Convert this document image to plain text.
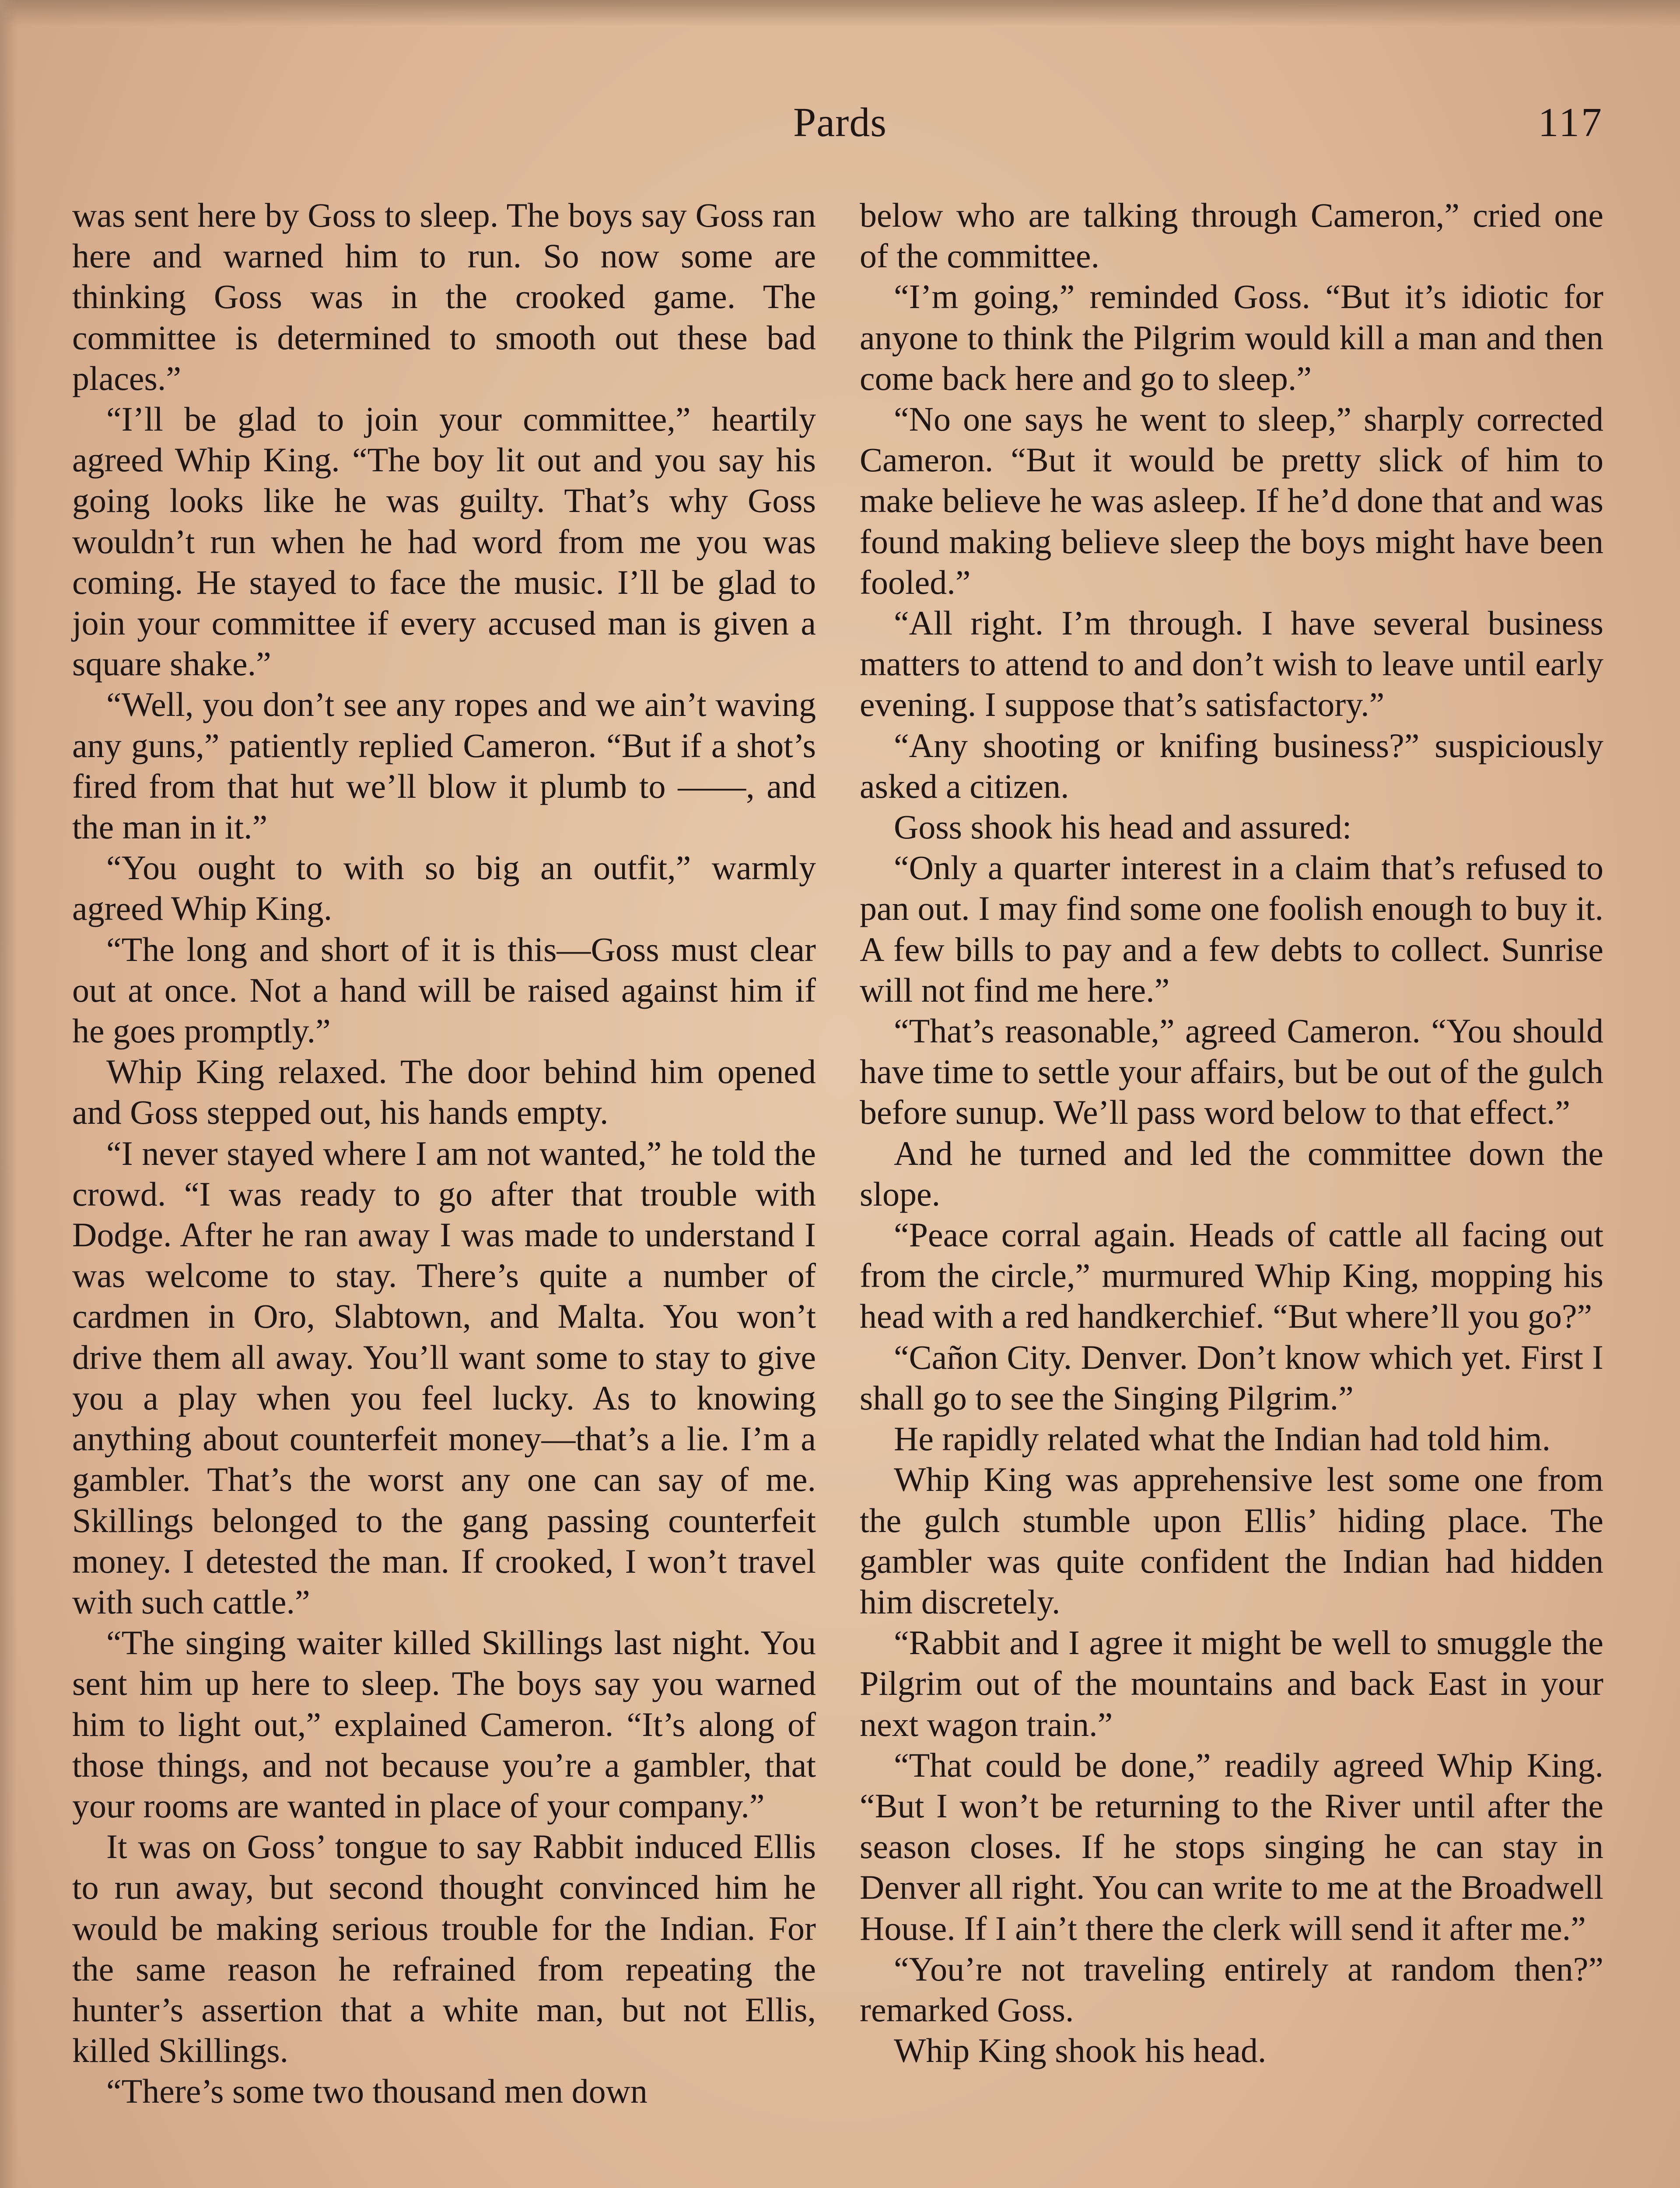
Pards	117

was sent here by Goss to sleep. The boys say Goss ran here and warned him to run. So now some are thinking Goss was in the crooked game. The committee is determined to smooth out these bad places.”

“I’ll be glad to join your committee,” heartily agreed Whip King. “The boy lit out and you say his going looks like he was guilty. That’s why Goss wouldn’t run when he had word from me you was coming. He stayed to face the music. I’ll be glad to join your committee if every accused man is given a square shake.”

“Well, you don’t see any ropes and we ain’t waving any guns,” patiently replied Cameron. “But if a shot’s fired from that hut we’ll blow it plumb to ——, and the man in it.”

“You ought to with so big an outfit,” warmly agreed Whip King.

“The long and short of it is this—Goss must clear out at once. Not a hand will be raised against him if he goes promptly.”

Whip King relaxed. The door behind him opened and Goss stepped out, his hands empty.

“I never stayed where I am not wanted,” he told the crowd. “I was ready to go after that trouble with Dodge. After he ran away I was made to understand I was welcome to stay. There’s quite a number of cardmen in Oro, Slabtown, and Malta. You won’t drive them all away. You’ll want some to stay to give you a play when you feel lucky. As to knowing anything about counterfeit money—that’s a lie. I’m a gambler. That’s the worst any one can say of me. Skillings belonged to the gang passing counterfeit money. I detested the man. If crooked, I won’t travel with such cattle.”

“The singing waiter killed Skillings last night. You sent him up here to sleep. The boys say you warned him to light out,” explained Cameron. “It’s along of those things, and not because you’re a gambler, that your rooms are wanted in place of your company.”

It was on Goss’ tongue to say Rabbit induced Ellis to run away, but second thought convinced him he would be making serious trouble for the Indian. For the same reason he refrained from repeating the hunter’s assertion that a white man, but not Ellis, killed Skillings.

“There’s some two thousand men down

below who are talking through Cameron,” cried one of the committee.

“I’m going,” reminded Goss. “But it’s idiotic for anyone to think the Pilgrim would kill a man and then come back here and go to sleep.”

“No one says he went to sleep,” sharply corrected Cameron. “But it would be pretty slick of him to make believe he was asleep. If he’d done that and was found making believe sleep the boys might have been fooled.”

“All right. I’m through. I have several business matters to attend to and don’t wish to leave until early evening. I suppose that’s satisfactory.”

“Any shooting or knifing business?” suspiciously asked a citizen.

Goss shook his head and assured:

“Only a quarter interest in a claim that’s refused to pan out. I may find some one foolish enough to buy it. A few bills to pay and a few debts to collect. Sunrise will not find me here.”

“That’s reasonable,” agreed Cameron. “You should have time to settle your affairs, but be out of the gulch before sunup. We’ll pass word below to that effect.”

And he turned and led the committee down the slope.

“Peace corral again. Heads of cattle all facing out from the circle,” murmured Whip King, mopping his head with a red handkerchief. “But where’ll you go?”

“Cañon City. Denver. Don’t know which yet. First I shall go to see the Singing Pilgrim.”

He rapidly related what the Indian had told him.

Whip King was apprehensive lest some one from the gulch stumble upon Ellis’ hiding place. The gambler was quite confident the Indian had hidden him discretely.

“Rabbit and I agree it might be well to smuggle the Pilgrim out of the mountains and back East in your next wagon train.”

“That could be done,” readily agreed Whip King. “But I won’t be returning to the River until after the season closes. If he stops singing he can stay in Denver all right. You can write to me at the Broadwell House. If I ain’t there the clerk will send it after me.”

“You’re not traveling entirely at random then?” remarked Goss.

Whip King shook his head.
